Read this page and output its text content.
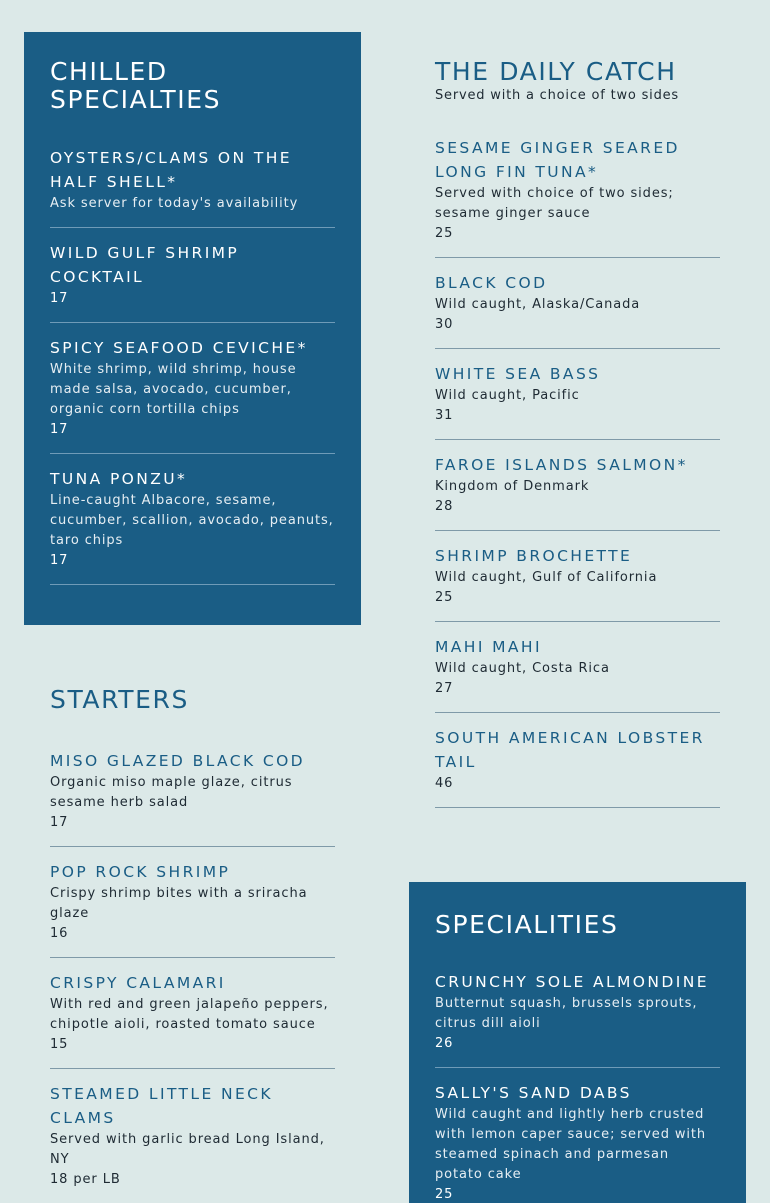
CHILLED SPECIALTIES
OYSTERS/CLAMS ON THE HALF SHELL*
Ask server for today's availability
WILD GULF SHRIMP COCKTAIL
17
SPICY SEAFOOD CEVICHE*
White shrimp, wild shrimp, house made salsa, avocado, cucumber, organic corn tortilla chips
17
TUNA PONZU*
Line-caught Albacore, sesame, cucumber, scallion, avocado, peanuts, taro chips
17
STARTERS
MISO GLAZED BLACK COD
Organic miso maple glaze, citrus sesame herb salad
17
POP ROCK SHRIMP
Crispy shrimp bites with a sriracha glaze
16
CRISPY CALAMARI
With red and green jalapeño peppers, chipotle aioli, roasted tomato sauce
15
STEAMED LITTLE NECK CLAMS
Served with garlic bread Long Island, NY
18 per LB
THE DAILY CATCH

Served with a choice of two sides

SESAME GINGER SEARED LONG FIN TUNA*
Served with choice of two sides; sesame ginger sauce
25
BLACK COD
Wild caught, Alaska/Canada
30
WHITE SEA BASS
Wild caught, Pacific
31
FAROE ISLANDS SALMON*
Kingdom of Denmark
28
SHRIMP BROCHETTE
Wild caught, Gulf of California
25
MAHI MAHI
Wild caught, Costa Rica
27
SOUTH AMERICAN LOBSTER TAIL
46
SPECIALITIES
CRUNCHY SOLE ALMONDINE
Butternut squash, brussels sprouts, citrus dill aioli
26
SALLY'S SAND DABS
Wild caught and lightly herb crusted with lemon caper sauce; served with steamed spinach and parmesan potato cake
25
